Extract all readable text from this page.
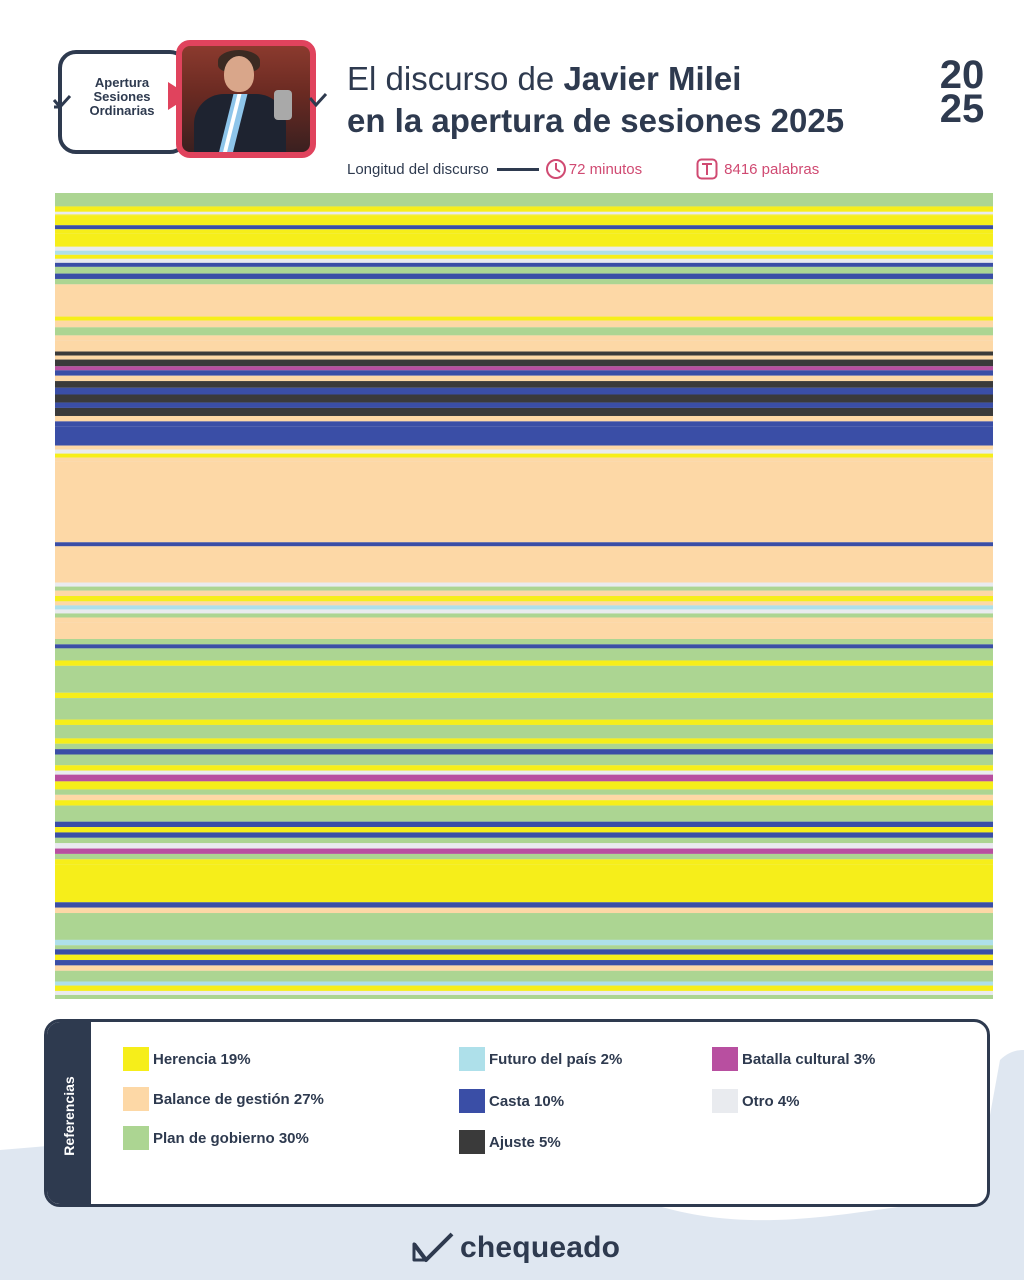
Apertura
Sesiones
Ordinarias
El discurso de Javier Milei
en la apertura de sesiones 2025
20
25
Longitud del discurso	72 minutos	8416 palabras
Referencias
Herencia 19%
Balance de gestión 27%
Plan de gobierno 30%
Futuro del país 2%
Casta 10%
Ajuste 5%
Batalla cultural 3%
Otro 4%
chequeado
